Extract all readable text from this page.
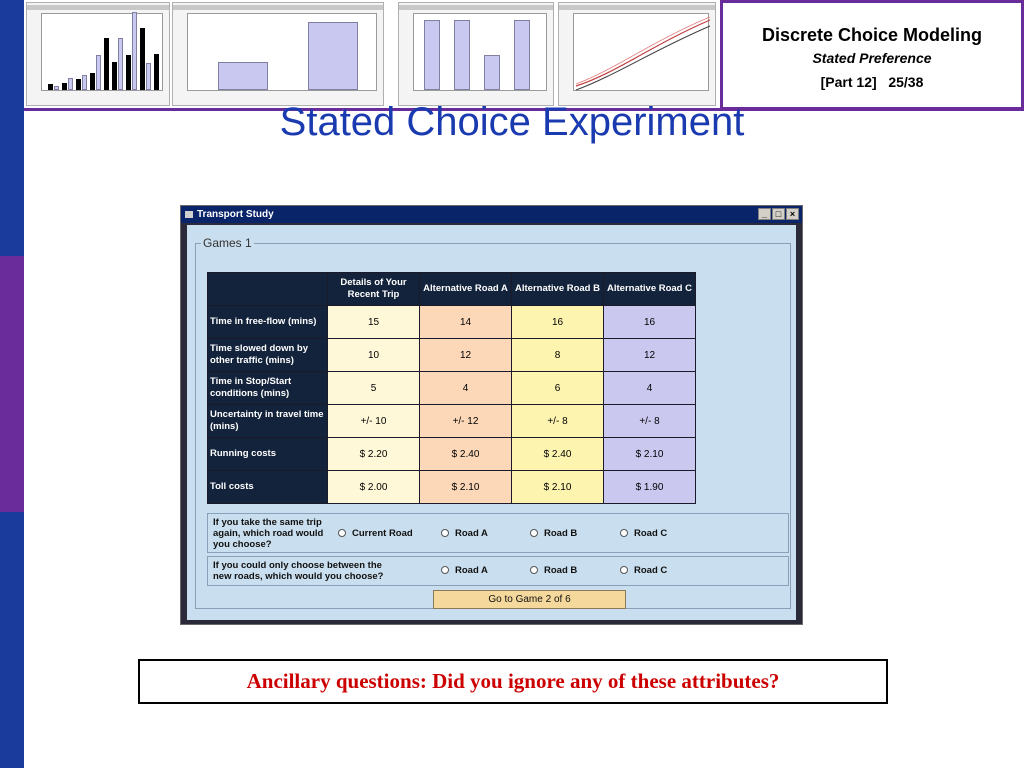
Discrete Choice Modeling
Stated Preference
[Part 12] 25/38
Stated Choice Experiment
Transport Study	_ □ ×
Games 1
	Details of Your Recent Trip	Alternative Road A	Alternative Road B	Alternative Road C
Time in free-flow (mins)	15	14	16	16
Time slowed down by other traffic (mins)	10	12	8	12
Time in Stop/Start conditions (mins)	5	4	6	4
Uncertainty in travel time (mins)	+/- 10	+/- 12	+/- 8	+/- 8
Running costs	$ 2.20	$ 2.40	$ 2.40	$ 2.10
Toll costs	$ 2.00	$ 2.10	$ 2.10	$ 1.90
If you take the same trip again, which road would you choose?
Current Road	Road A	Road B	Road C
If you could only choose between the new roads, which would you choose?
Road A	Road B	Road C
Go to Game 2 of 6
Ancillary questions: Did you ignore any of these attributes?
